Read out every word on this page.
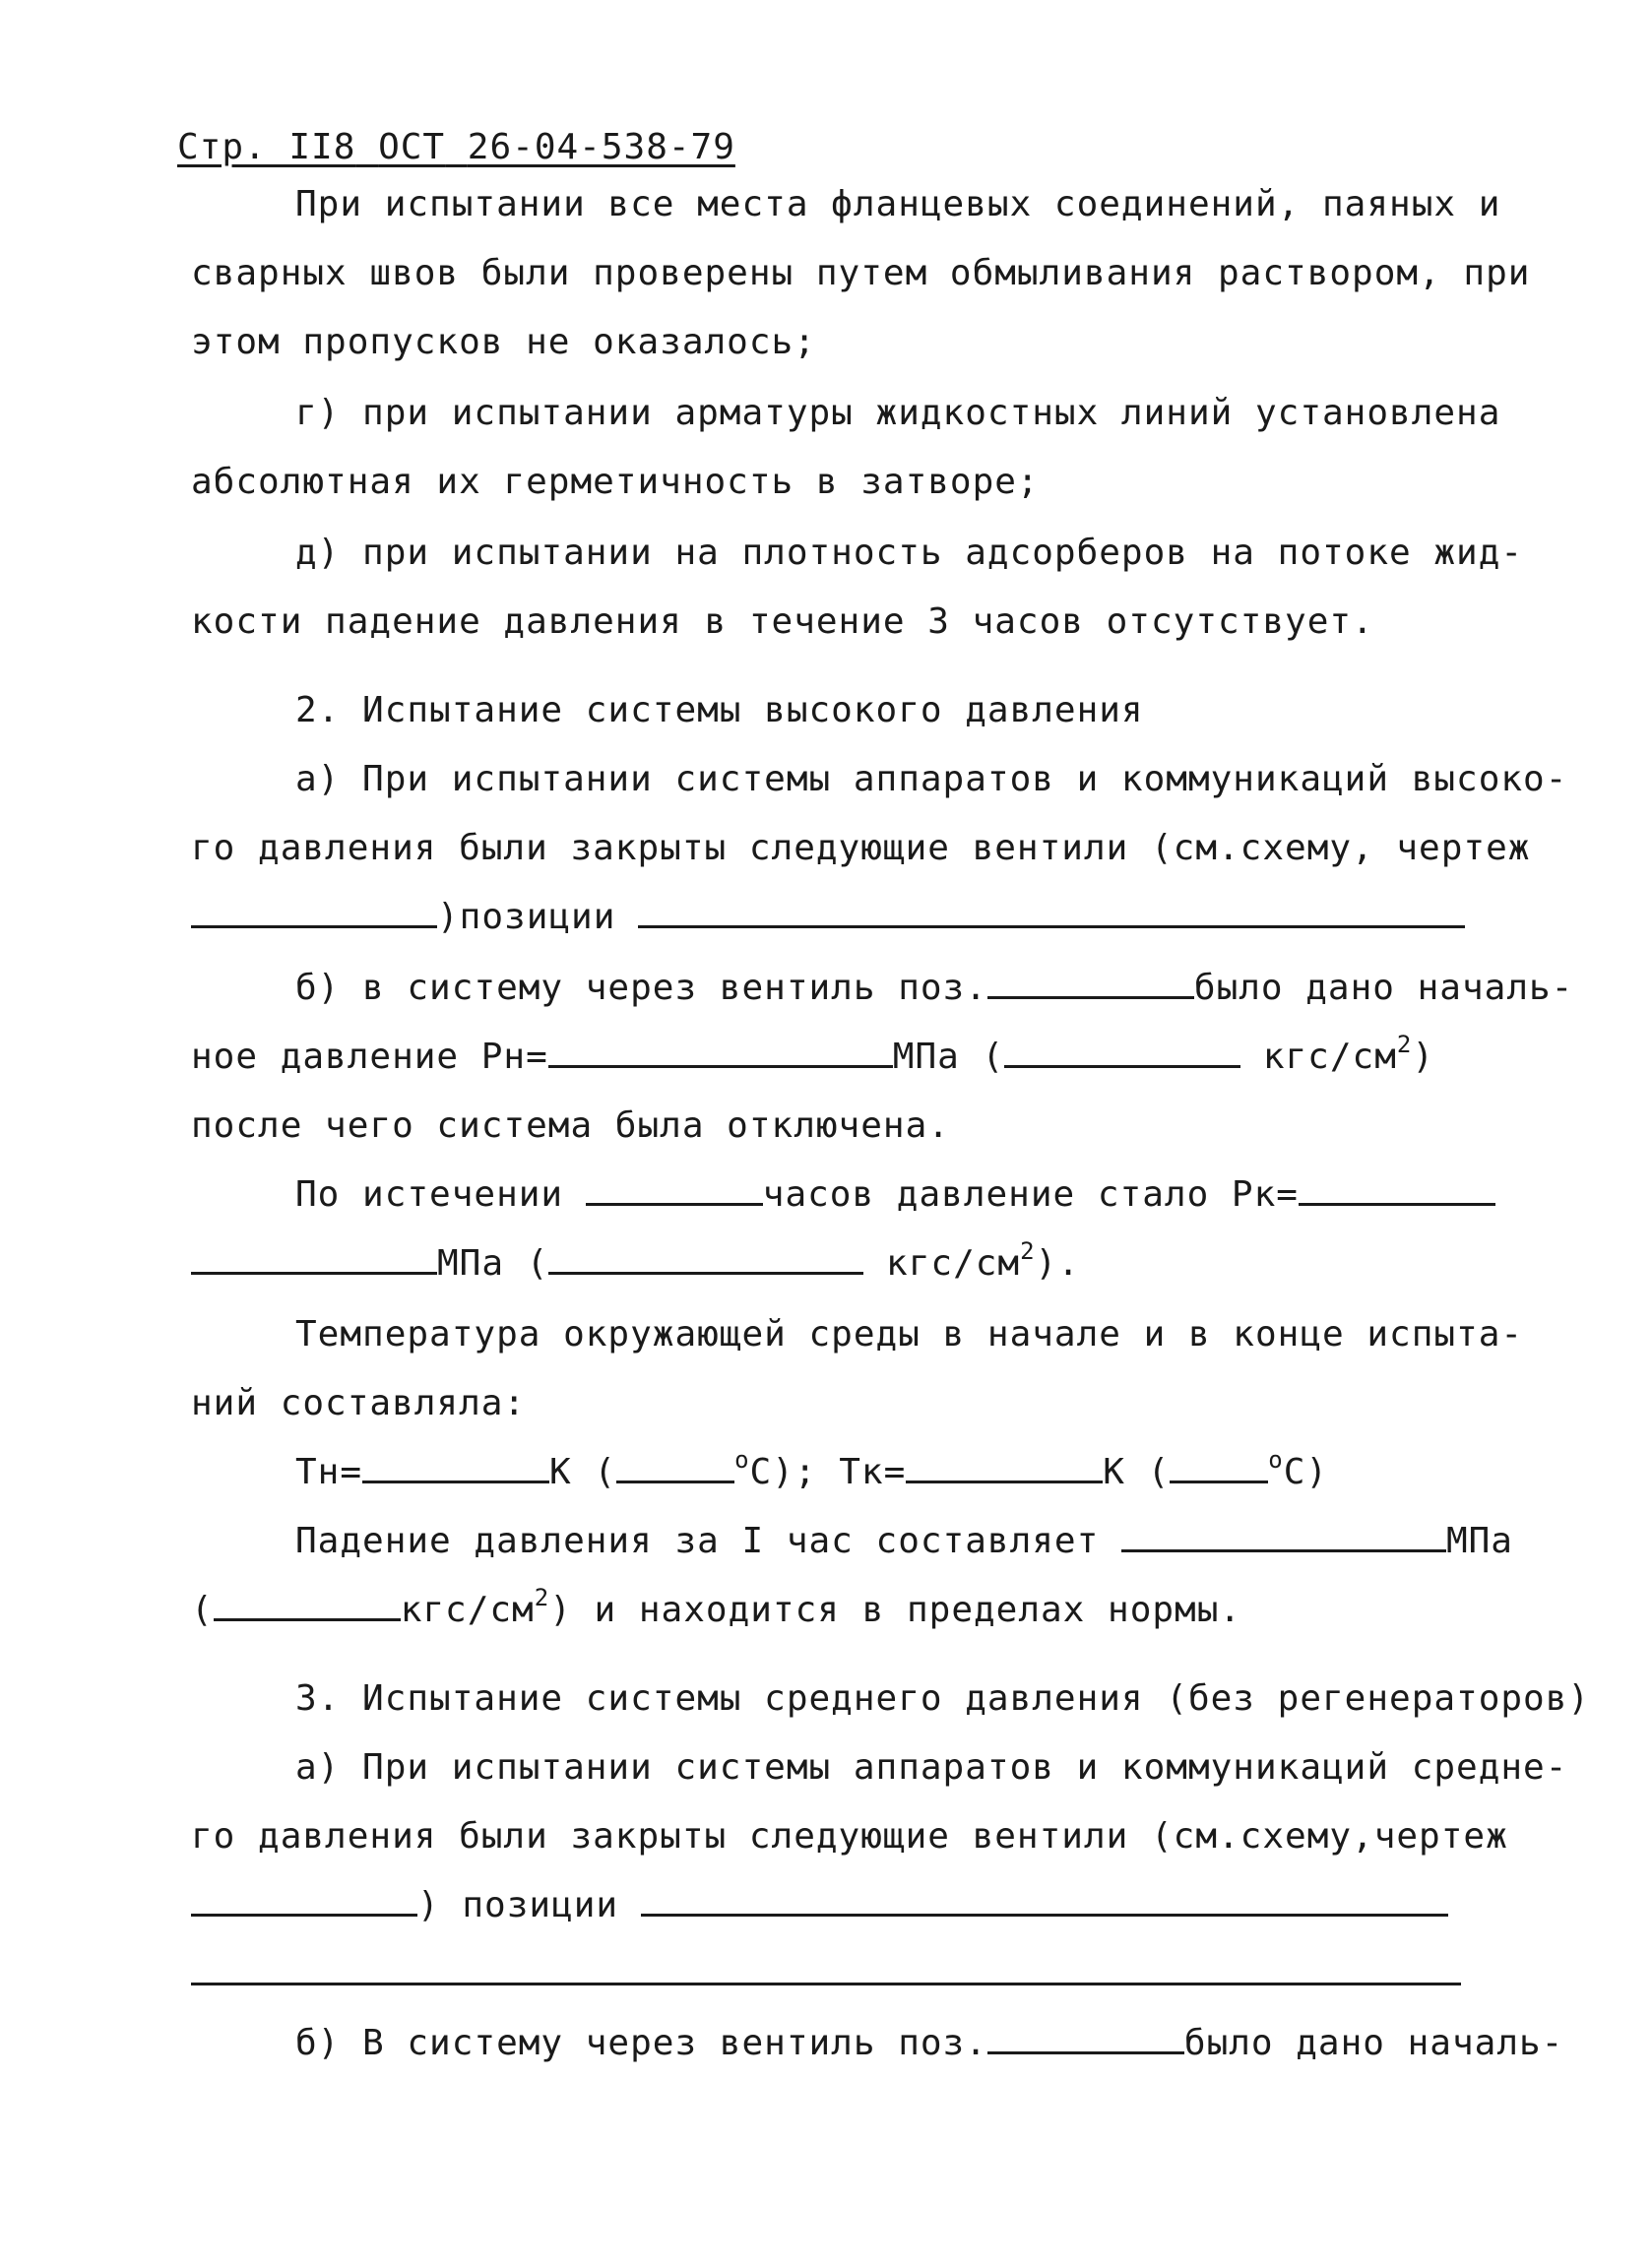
Стр. II8 ОСТ 26-04-538-79
При испытании все места фланцевых соединений, паяных и
сварных швов были проверены путем обмыливания раствором, при
этом пропусков не оказалось;
г) при испытании арматуры жидкостных линий установлена
абсолютная их герметичность в затворе;
д) при испытании на плотность адсорберов на потоке жид-
кости падение давления в течение 3 часов отсутствует.
2. Испытание системы высокого давления
а) При испытании системы аппаратов и коммуникаций высоко-
го давления были закрыты следующие вентили (см.схему, чертеж
)позиции
б) в систему через вентиль поз.	было дано началь-
ное давление Рн=	МПа (	кгс/$см^2$)
после чего система была отключена.
По истечении	часов давление стало Рк=
МПа (	кгс/$см^2$).
Температура окружающей среды в начале и в конце испыта-
ний составляла:
Тн=	К (	$^о$С); Тк=	К (	$^о$С)
Падение давления за I час составляет	МПа
(	кгс/$см^2$) и находится в пределах нормы.
3. Испытание системы среднего давления (без регенераторов)
а) При испытании системы аппаратов и коммуникаций средне-
го давления были закрыты следующие вентили (см.схему,чертеж
) позиции
б) В систему через вентиль поз.	было дано началь-
